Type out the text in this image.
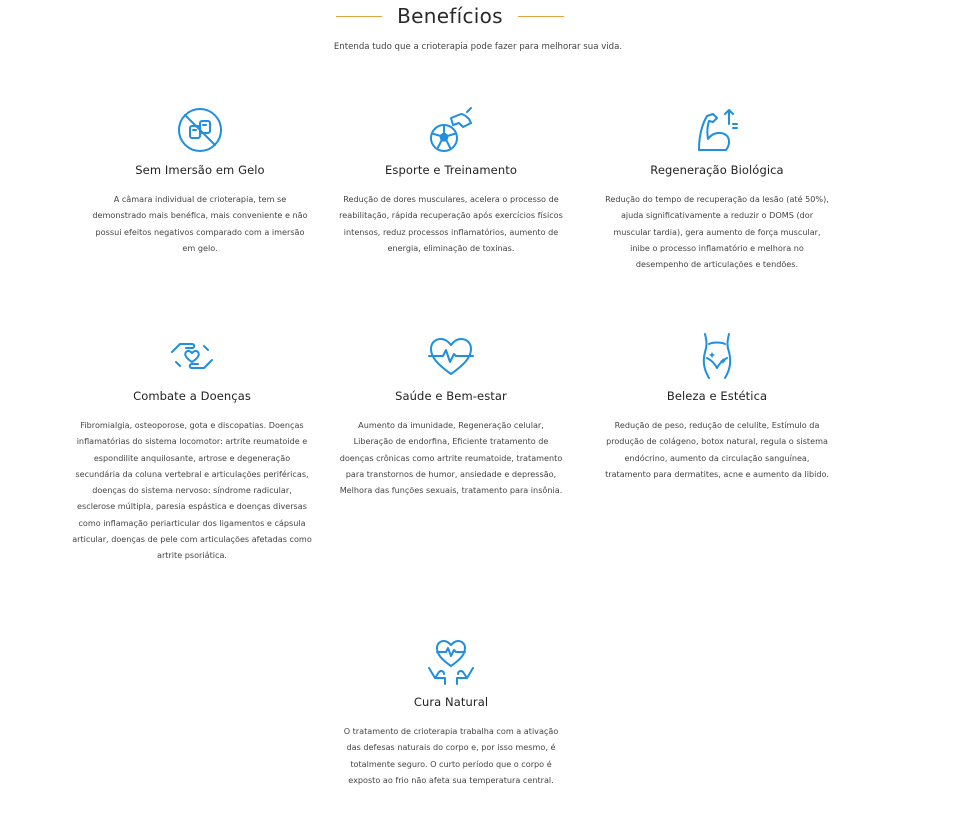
Benefícios
Entenda tudo que a crioterapia pode fazer para melhorar sua vida.
Sem Imersão em Gelo
A câmara individual de crioterapia, tem se demonstrado mais benéfica, mais conveniente e não possui efeitos negativos comparado com a imersão em gelo.
Esporte e Treinamento
Redução de dores musculares, acelera o processo de reabilitação, rápida recuperação após exercícios físicos intensos, reduz processos inflamatórios, aumento de energia, eliminação de toxinas.
Regeneração Biológica
Redução do tempo de recuperação da lesão (até 50%), ajuda significativamente a reduzir o DOMS (dor muscular tardia), gera aumento de força muscular, inibe o processo inflamatório e melhora no desempenho de articulações e tendões.
Combate a Doenças
Fibromialgia, osteoporose, gota e discopatias. Doenças inflamatórias do sistema locomotor: artrite reumatoide e espondilite anquilosante, artrose e degeneração secundária da coluna vertebral e articulações periféricas, doenças do sistema nervoso: síndrome radicular, esclerose múltipla, paresia espástica e doenças diversas como inflamação periarticular dos ligamentos e cápsula articular, doenças de pele com articulações afetadas como artrite psoriática.
Saúde e Bem-estar
Aumento da imunidade, Regeneração celular, Liberação de endorfina, Eficiente tratamento de doenças crônicas como artrite reumatoide, tratamento para transtornos de humor, ansiedade e depressão, Melhora das funções sexuais, tratamento para insônia.
Beleza e Estética
Redução de peso, redução de celulite, Estímulo da produção de colágeno, botox natural, regula o sistema endócrino, aumento da circulação sanguínea, tratamento para dermatites, acne e aumento da libido.
Cura Natural
O tratamento de crioterapia trabalha com a ativação das defesas naturais do corpo e, por isso mesmo, é totalmente seguro. O curto período que o corpo é exposto ao frio não afeta sua temperatura central.
